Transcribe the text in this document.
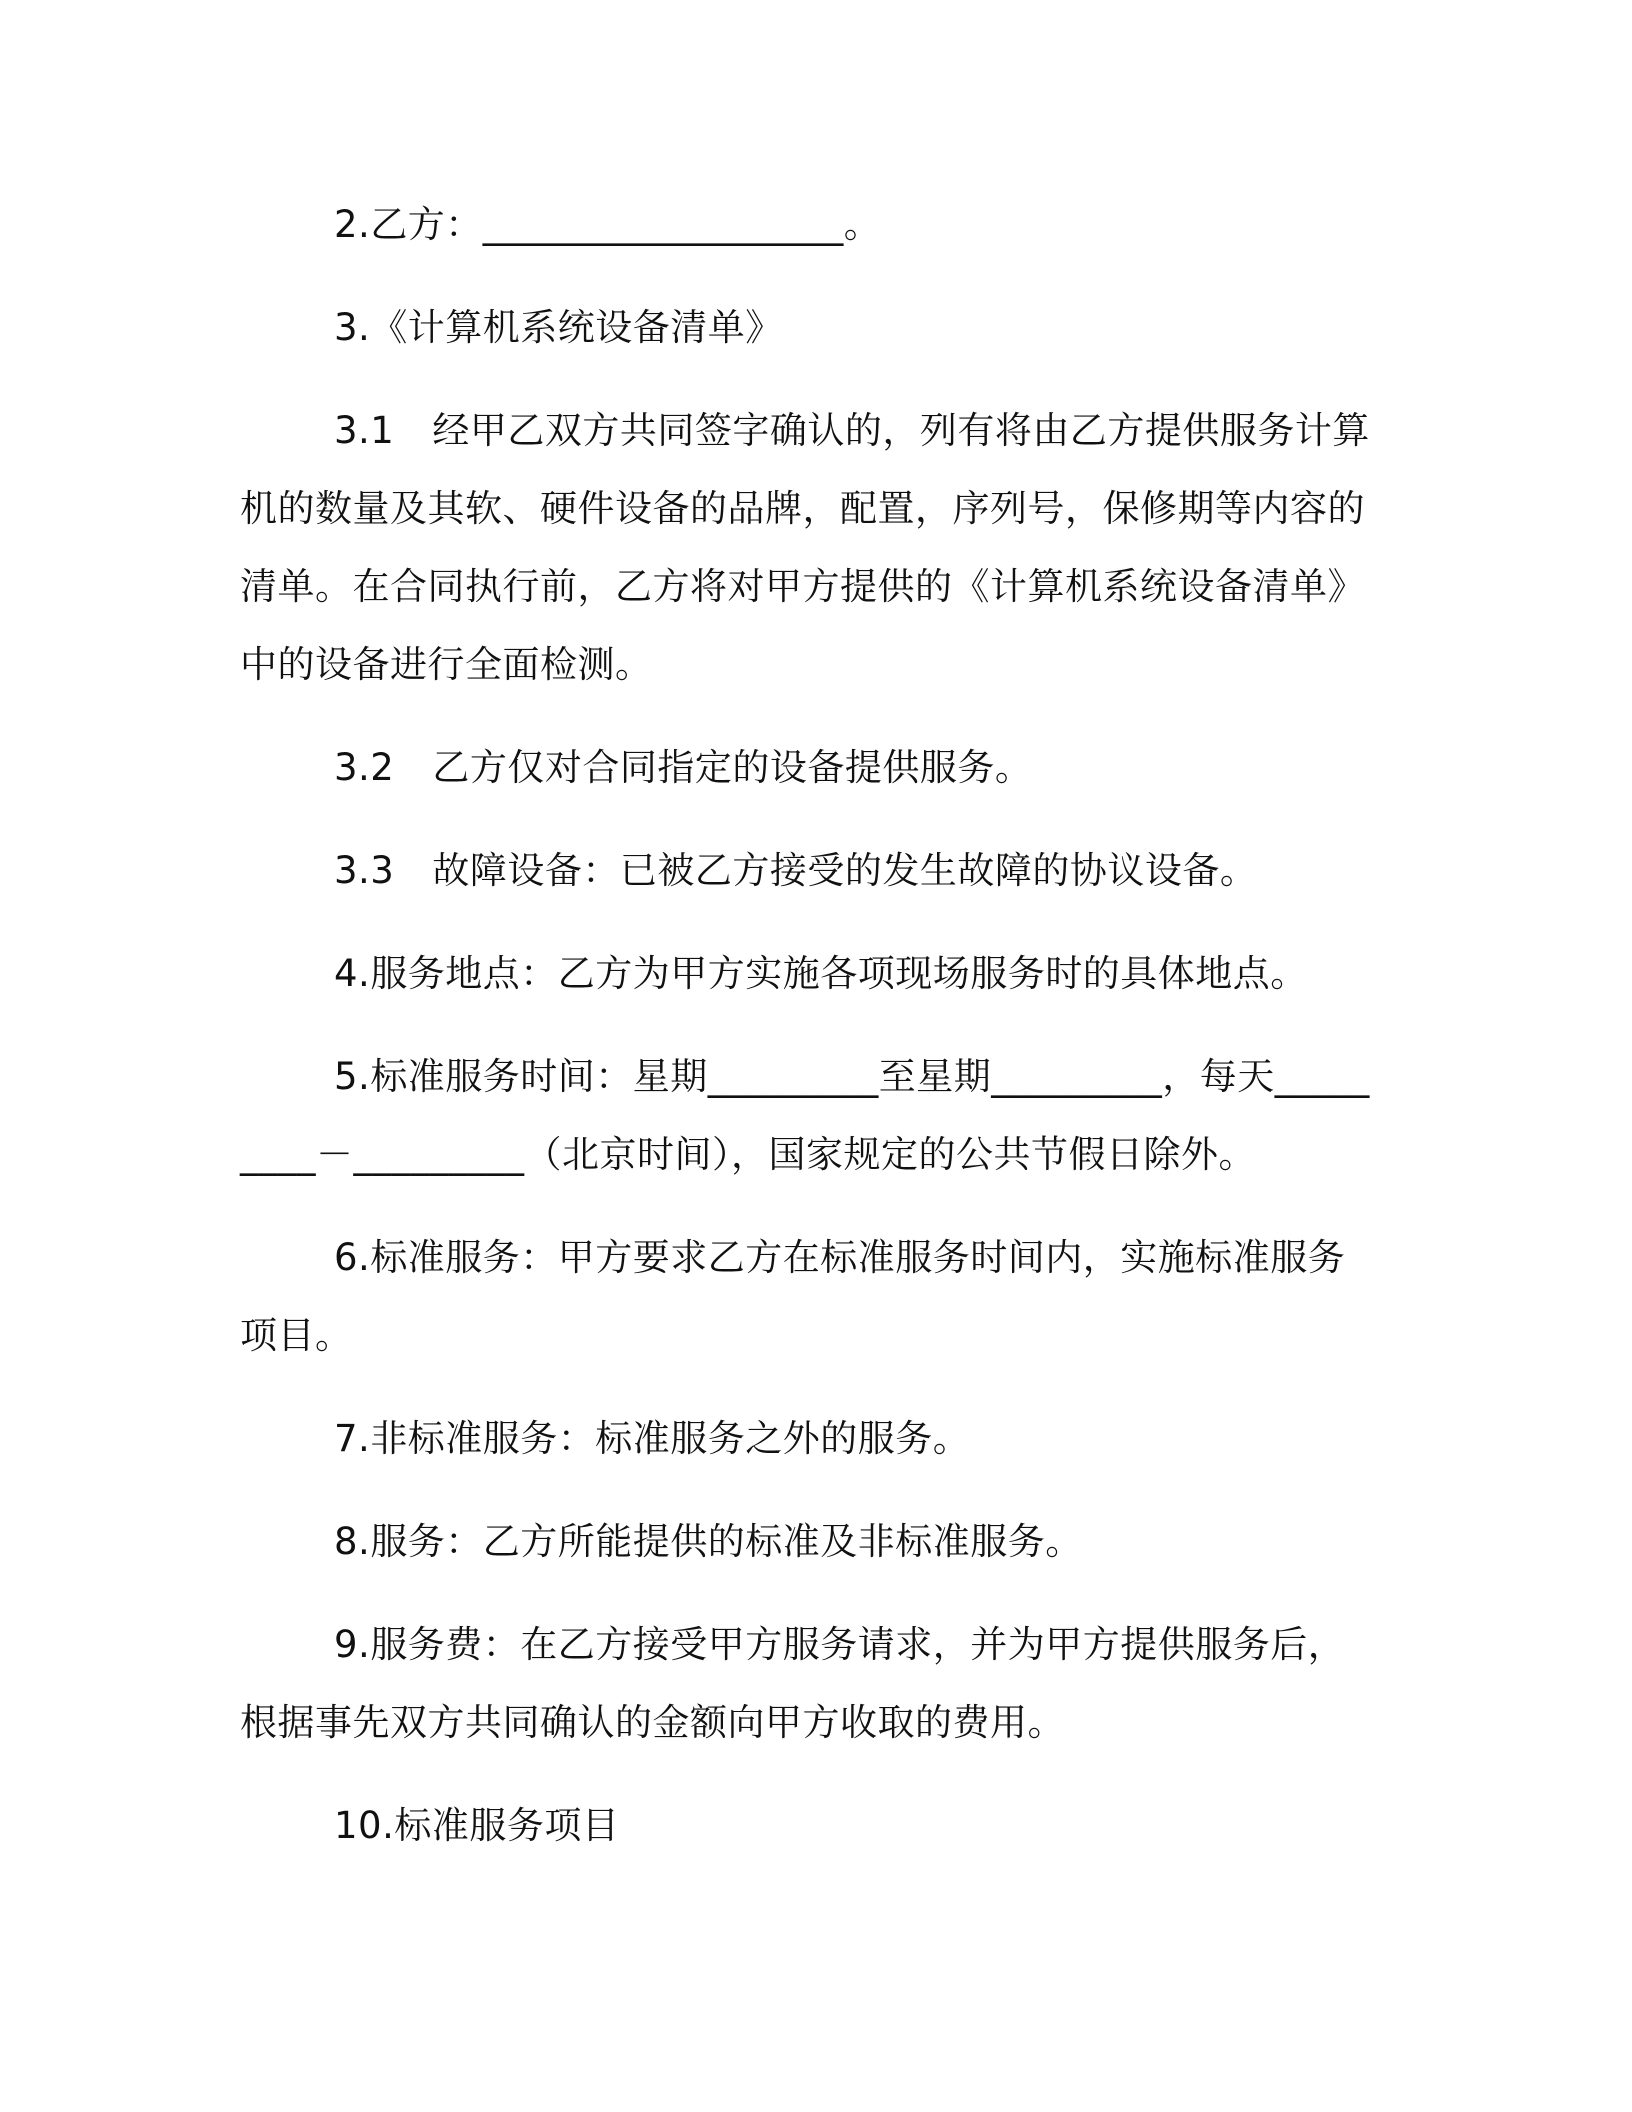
2.乙方：___________________。

3.《计算机系统设备清单》

3.1 经甲乙双方共同签字确认的，列有将由乙方提供服务计算机的数量及其软、硬件设备的品牌，配置，序列号，保修期等内容的清单。在合同执行前，乙方将对甲方提供的《计算机系统设备清单》中的设备进行全面检测。

3.2 乙方仅对合同指定的设备提供服务。

3.3 故障设备：已被乙方接受的发生故障的协议设备。

4.服务地点：乙方为甲方实施各项现场服务时的具体地点。

5.标准服务时间：星期_________至星期_________，每天_________－_________（北京时间），国家规定的公共节假日除外。

6.标准服务：甲方要求乙方在标准服务时间内，实施标准服务项目。

7.非标准服务：标准服务之外的服务。

8.服务：乙方所能提供的标准及非标准服务。

9.服务费：在乙方接受甲方服务请求，并为甲方提供服务后，根据事先双方共同确认的金额向甲方收取的费用。

10.标准服务项目
